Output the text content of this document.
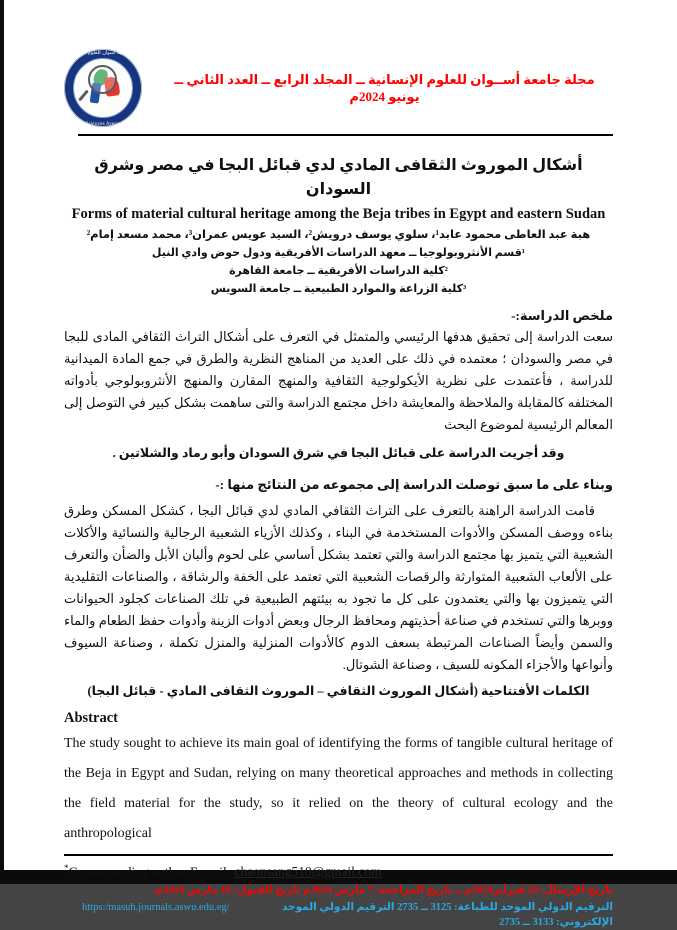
مجلة كلية أسوان للعلوم الإنسانية
Human Sciences Aswan Journal
مجلة جامعة أســوان للعلوم الإنسانية ــ المجلد الرابع ــ العدد الثاني ــ يونيو 2024م
أشكال الموروث الثقافى المادي لدي قبائل البجا في مصر وشرق السودان
Forms of material cultural heritage among the Beja tribes in Egypt and eastern Sudan
هبة عبد العاطى محمود عابد¹، سلوي يوسف درويش²، السيد عويس عمران³، محمد مسعد إمام²
¹قسم الأنثروبولوجيا ــ معهد الدراسات الأفريقية ودول حوض وادي النيل
²كلية الدراسات الأفريقية ــ جامعة القاهرة
³كلية الزراعة والموارد الطبيعية ــ جامعة السويس
ملخص الدراسة:-

سعت الدراسة إلى تحقيق هدفها الرئيسي والمتمثل في التعرف على أشكال التراث الثقافي المادى للبجا في مصر والسودان ؛ معتمده في ذلك على العديد من المناهج النظرية والطرق في جمع المادة الميدانية للدراسة ، فأعتمدت على نظرية الأيكولوجية الثقافية والمنهج المقارن والمنهج الأنثروبولوجي بأدواته المختلفه كالمقابلة والملاحظة والمعايشة داخل مجتمع الدراسة والتى ساهمت بشكل كبير في التوصل إلى المعالم الرئيسية لموضوع البحث

وقد أجريت الدراسة على قبائل البجا في شرق السودان وأبو رماد والشلاتين .

وبناء على ما سبق توصلت الدراسة إلى مجموعه من النتائج منها :-

قامت الدراسة الراهنة بالتعرف على التراث الثقافي المادي لدي قبائل البجا ، كشكل المسكن وطرق بناءه ووصف المسكن والأدوات المستخدمة في البناء ، وكذلك الأزياء الشعبية الرجالية والنسائية والأكلات الشعبية التي يتميز بها مجتمع الدراسة والتي تعتمد بشكل أساسي على لحوم وألبان الأبل والضأن والتعرف على الألعاب الشعبية المتوارثة والرقصات الشعبية التي تعتمد على الخفة والرشاقة ، والصناعات التقليدية التي يتميزون بها والتي يعتمدون على كل ما تجود به بيئتهم الطبيعية في تلك الصناعات كجلود الحيوانات ووبرها والتي تستخدم في صناعة أحذيتهم ومحافظ الرجال وبعض أدوات الزينة وأدوات حفظ الطعام والماء والسمن وأيضاً الصناعات المرتبطة بسعف الدوم كالأدوات المنزلية والمنزل تكملة ، وصناعة السيوف وأنواعها والأجزاء المكونه للسيف ، وصناعة الشوتال.

الكلمات الأفتتاحية (أشكال الموروث الثقافي – الموروث الثقافى المادي - قبائل البجا)

Abstract

The study sought to achieve its main goal of identifying the forms of tangible cultural heritage of the Beja in Egypt and Sudan, relying on many theoretical approaches and methods in collecting the field material for the study, so it relied on the theory of cultural ecology and the anthropological

*Corresponding author E-mail: chaonsang510@gmail.com
تاريخ الإرسال: 20 فبراير2024م ــ تاريخ المراجعة: 7 مارس 2024م تاريخ القبول: 10 مارس 2024م.
https:/masuh.journals.aswu.edu.eg/	الترقيم الدولي الموحد للطباعة: 3125 ــ 2735 الترقيم الدولي الموحد الإلكتروني: 3133 ــ 2735
